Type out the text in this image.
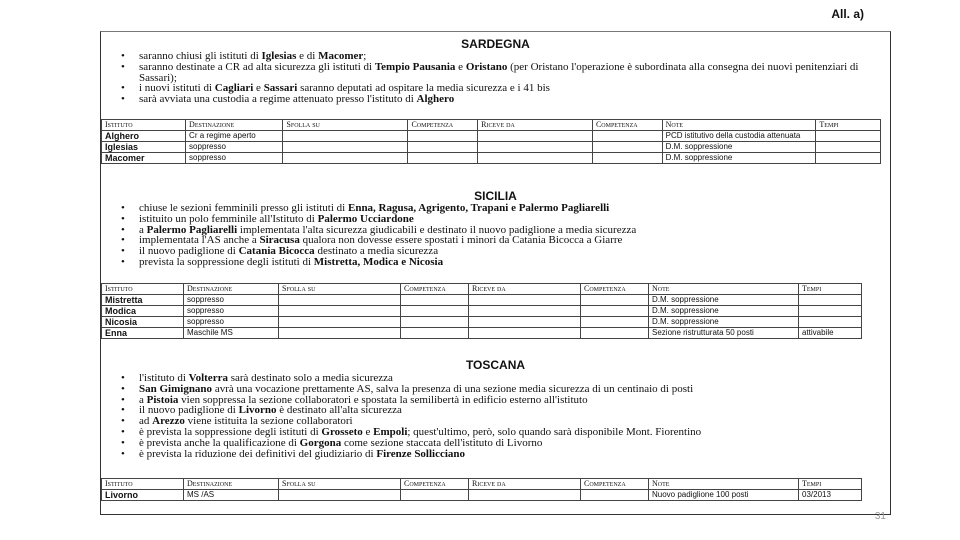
All. a)
SARDEGNA
• saranno chiusi gli istituti di Iglesias e di Macomer;
• saranno destinate a CR ad alta sicurezza gli istituti di Tempio Pausania e Oristano (per Oristano l'operazione è subordinata alla consegna dei nuovi penitenziari di Sassari);
• i nuovi istituti di Cagliari e Sassari saranno deputati ad ospitare la media sicurezza e i 41 bis
• sarà avviata una custodia a regime attenuato presso l'istituto di Alghero
Istituto	Destinazione	Sfolla su	Competenza	Riceve da	Competenza	Note	Tempi
Alghero	Cr a regime aperto					PCD istitutivo della custodia attenuata	
Iglesias	soppresso					D.M. soppressione	
Macomer	soppresso					D.M. soppressione	
SICILIA
• chiuse le sezioni femminili presso gli istituti di Enna, Ragusa, Agrigento, Trapani e Palermo Pagliarelli
• istituito un polo femminile all'Istituto di Palermo Ucciardone
• a Palermo Pagliarelli implementata l'alta sicurezza giudicabili e destinato il nuovo padiglione a media sicurezza
• implementata l'AS anche a Siracusa qualora non dovesse essere spostati i minori da Catania Bicocca a Giarre
• il nuovo padiglione di Catania Bicocca destinato a media sicurezza
• prevista la soppressione degli istituti di Mistretta, Modica e Nicosia
Istituto	Destinazione	Sfolla su	Competenza	Riceve da	Competenza	Note	Tempi
Mistretta	soppresso					D.M. soppressione	
Modica	soppresso					D.M. soppressione	
Nicosia	soppresso					D.M. soppressione	
Enna	Maschile MS					Sezione ristrutturata 50 posti	attivabile
TOSCANA
• l'istituto di Volterra sarà destinato solo a media sicurezza
• San Gimignano avrà una vocazione prettamente AS, salva la presenza di una sezione media sicurezza di un centinaio di posti
• a Pistoia vien soppressa la sezione collaboratori e spostata la semilibertà in edificio esterno all'istituto
• il nuovo padiglione di Livorno è destinato all'alta sicurezza
• ad Arezzo viene istituita la sezione collaboratori
• è prevista la soppressione degli istituti di Grosseto e Empoli; quest'ultimo, però, solo quando sarà disponibile Mont. Fiorentino
• è prevista anche la qualificazione di Gorgona come sezione staccata dell'istituto di Livorno
• è prevista la riduzione dei definitivi del giudiziario di Firenze Sollicciano
Istituto	Destinazione	Sfolla su	Competenza	Riceve da	Competenza	Note	Tempi
Livorno	MS /AS					Nuovo padiglione 100 posti	03/2013
31
